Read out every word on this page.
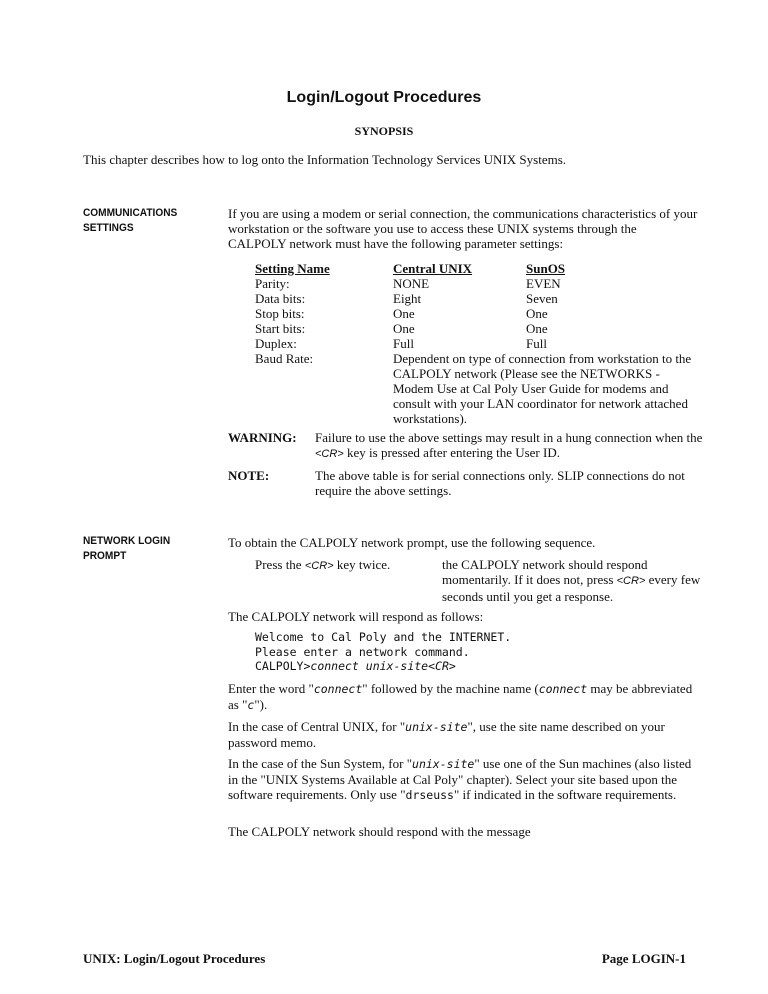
Login/Logout Procedures
SYNOPSIS
This chapter describes how to log onto the Information Technology Services UNIX Systems.
COMMUNICATIONS
SETTINGS
If you are using a modem or serial connection, the communications characteristics of your workstation or the software you use to access these UNIX systems through the CALPOLY network must have the following parameter settings:
Setting Name	Central UNIX	SunOS
Parity:	NONE	EVEN
Data bits:	Eight	Seven
Stop bits:	One	One
Start bits:	One	One
Duplex:	Full	Full
Baud Rate:	Dependent on type of connection from workstation to the CALPOLY network (Please see the NETWORKS - Modem Use at Cal Poly User Guide for modems and consult with your LAN coordinator for network attached workstations).
WARNING: Failure to use the above settings may result in a hung connection when the <CR> key is pressed after entering the User ID.
NOTE:	The above table is for serial connections only. SLIP connections do not require the above settings.
NETWORK LOGIN
PROMPT
To obtain the CALPOLY network prompt, use the following sequence.
Press the <CR> key twice.	the CALPOLY network should respond momentarily. If it does not, press <CR> every few seconds until you get a response.
The CALPOLY network will respond as follows:
Welcome to Cal Poly and the INTERNET.
Please enter a network command.
CALPOLY>connect unix-site<CR>
Enter the word "connect" followed by the machine name (connect may be abbreviated as "c").
In the case of Central UNIX, for "unix-site", use the site name described on your password memo.
In the case of the Sun System, for "unix-site" use one of the Sun machines (also listed in the "UNIX Systems Available at Cal Poly" chapter). Select your site based upon the software requirements. Only use "drseuss" if indicated in the software requirements.
The CALPOLY network should respond with the message
UNIX: Login/Logout Procedures	Page LOGIN-1
